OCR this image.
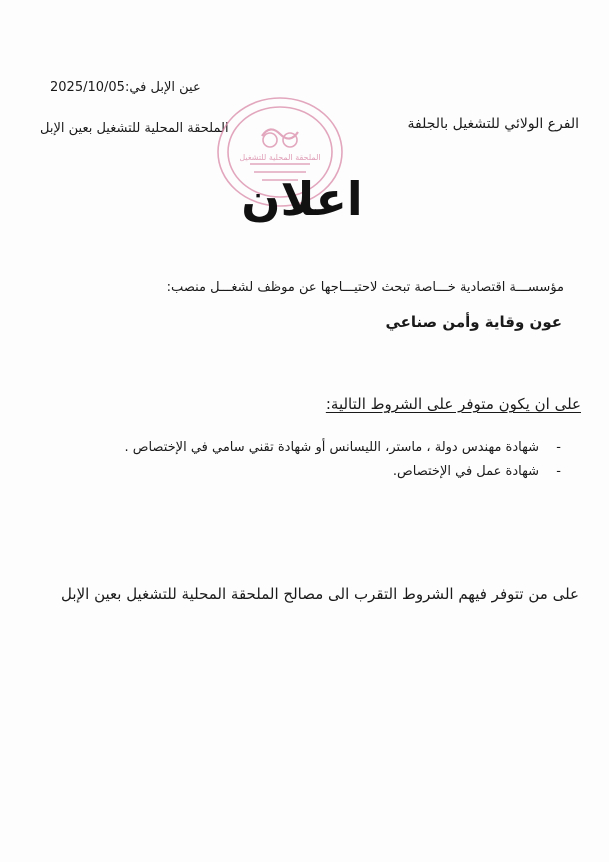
عين الإبل في:2025/10/05
الفرع الولائي للتشغيل بالجلفة
الملحقة المحلية للتشغيل بعين الإبل
الملحقة المحلية للتشغيل
اعلان
مؤسســـة اقتصادية خـــاصة تبحث لاحتيـــاجها عن موظف لشغـــل منصب:
عون وقاية وأمن صناعي
على ان يكون متوفر على الشروط التالية:
-
شهادة مهندس دولة ، ماستر، الليسانس أو شهادة تقني سامي في الإختصاص .
-
شهادة عمل في الإختصاص.
على من تتوفر فيهم الشروط التقرب الى مصالح الملحقة المحلية للتشغيل بعين الإبل
